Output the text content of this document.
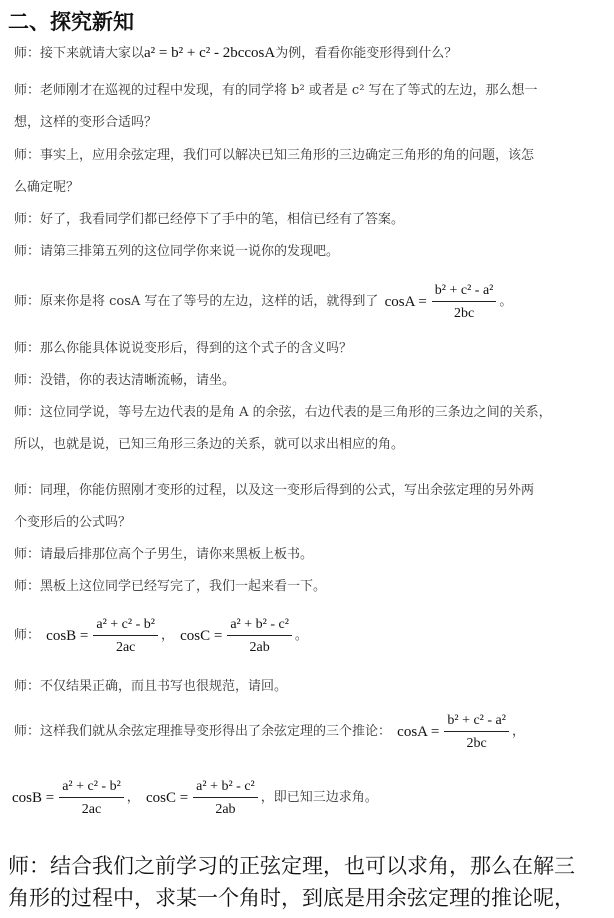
二、探究新知
师：接下来就请大家以a² = b² + c² - 2bccosA为例，看看你能变形得到什么？
师：老师刚才在巡视的过程中发现，有的同学将 b² 或者是 c² 写在了等式的左边，那么想一
想，这样的变形合适吗？
师：事实上，应用余弦定理，我们可以解决已知三角形的三边确定三角形的角的问题，该怎
么确定呢？
师：好了，我看同学们都已经停下了手中的笔，相信已经有了答案。
师：请第三排第五列的这位同学你来说一说你的发现吧。
师：原来你是将 cosA 写在了等号的左边，这样的话，就得到了 $\cos A = \frac{\text{b² + c² - a²}}{2bc}$ 。
师：那么你能具体说说变形后，得到的这个式子的含义吗？
师：没错，你的表达清晰流畅，请坐。
师：这位同学说，等号左边代表的是角 A 的余弦，右边代表的是三角形的三条边之间的关系，
所以，也就是说，已知三角形三条边的关系，就可以求出相应的角。
师：同理，你能仿照刚才变形的过程，以及这一变形后得到的公式，写出余弦定理的另外两
个变形后的公式吗？
师：请最后排那位高个子男生，请你来黑板上板书。
师：黑板上这位同学已经写完了，我们一起来看一下。
师： $\cos B = \frac{\text{a² + c² - b²}}{2ac}$ ， $\cos C = \frac{\text{a² + b² - c²}}{2ab}$ 。
师：不仅结果正确，而且书写也很规范，请回。
师：这样我们就从余弦定理推导变形得出了余弦定理的三个推论： $\cos A = \frac{\text{b² + c² - a²}}{2bc}$ ，
$\cos B = \frac{\text{a² + c² - b²}}{2ac}$ ， $\cos C = \frac{\text{a² + b² - c²}}{2ab}$ ，即已知三边求角。
师：结合我们之前学习的正弦定理，也可以求角，那么在解三
角形的过程中，求某一个角时，到底是用余弦定理的推论呢，
